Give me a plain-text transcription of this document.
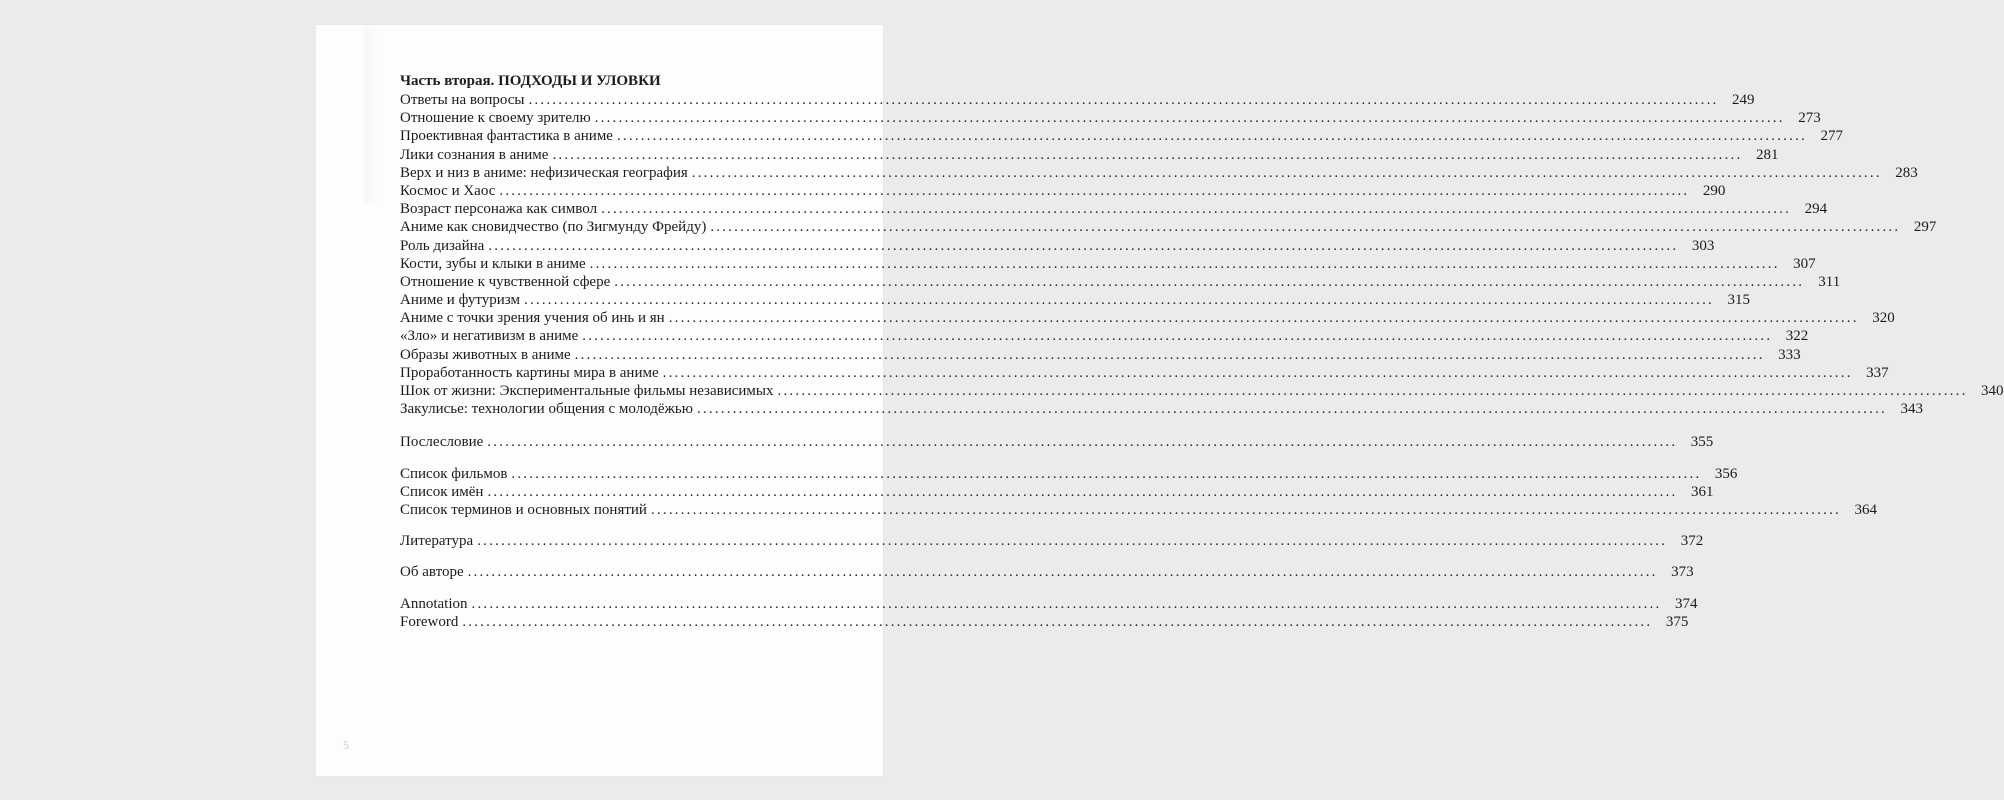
Часть вторая. ПОДХОДЫ И УЛОВКИ
Ответы на вопросы ........................................................................................................................................................................................................ 249
Отношение к своему зрителю ........................................................................................................................................................................................................ 273
Проективная фантастика в аниме ........................................................................................................................................................................................................ 277
Лики сознания в аниме ........................................................................................................................................................................................................ 281
Верх и низ в аниме: нефизическая география ........................................................................................................................................................................................................ 283
Космос и Хаос ........................................................................................................................................................................................................ 290
Возраст персонажа как символ ........................................................................................................................................................................................................ 294
Аниме как сновидчество (по Зигмунду Фрейду) ........................................................................................................................................................................................................ 297
Роль дизайна ........................................................................................................................................................................................................ 303
Кости, зубы и клыки в аниме ........................................................................................................................................................................................................ 307
Отношение к чувственной сфере ........................................................................................................................................................................................................ 311
Аниме и футуризм ........................................................................................................................................................................................................ 315
Аниме с точки зрения учения об инь и ян ........................................................................................................................................................................................................ 320
«Зло» и негативизм в аниме ........................................................................................................................................................................................................ 322
Образы животных в аниме ........................................................................................................................................................................................................ 333
Проработанность картины мира в аниме ........................................................................................................................................................................................................ 337
Шок от жизни: Экспериментальные фильмы независимых ........................................................................................................................................................................................................ 340
Закулисье: технологии общения с молодёжью ........................................................................................................................................................................................................ 343
Послесловие ........................................................................................................................................................................................................ 355
Список фильмов ........................................................................................................................................................................................................ 356
Список имён ........................................................................................................................................................................................................ 361
Список терминов и основных понятий ........................................................................................................................................................................................................ 364
Литература ........................................................................................................................................................................................................ 372
Об авторе ........................................................................................................................................................................................................ 373
Annotation ........................................................................................................................................................................................................ 374
Foreword ........................................................................................................................................................................................................ 375
5
